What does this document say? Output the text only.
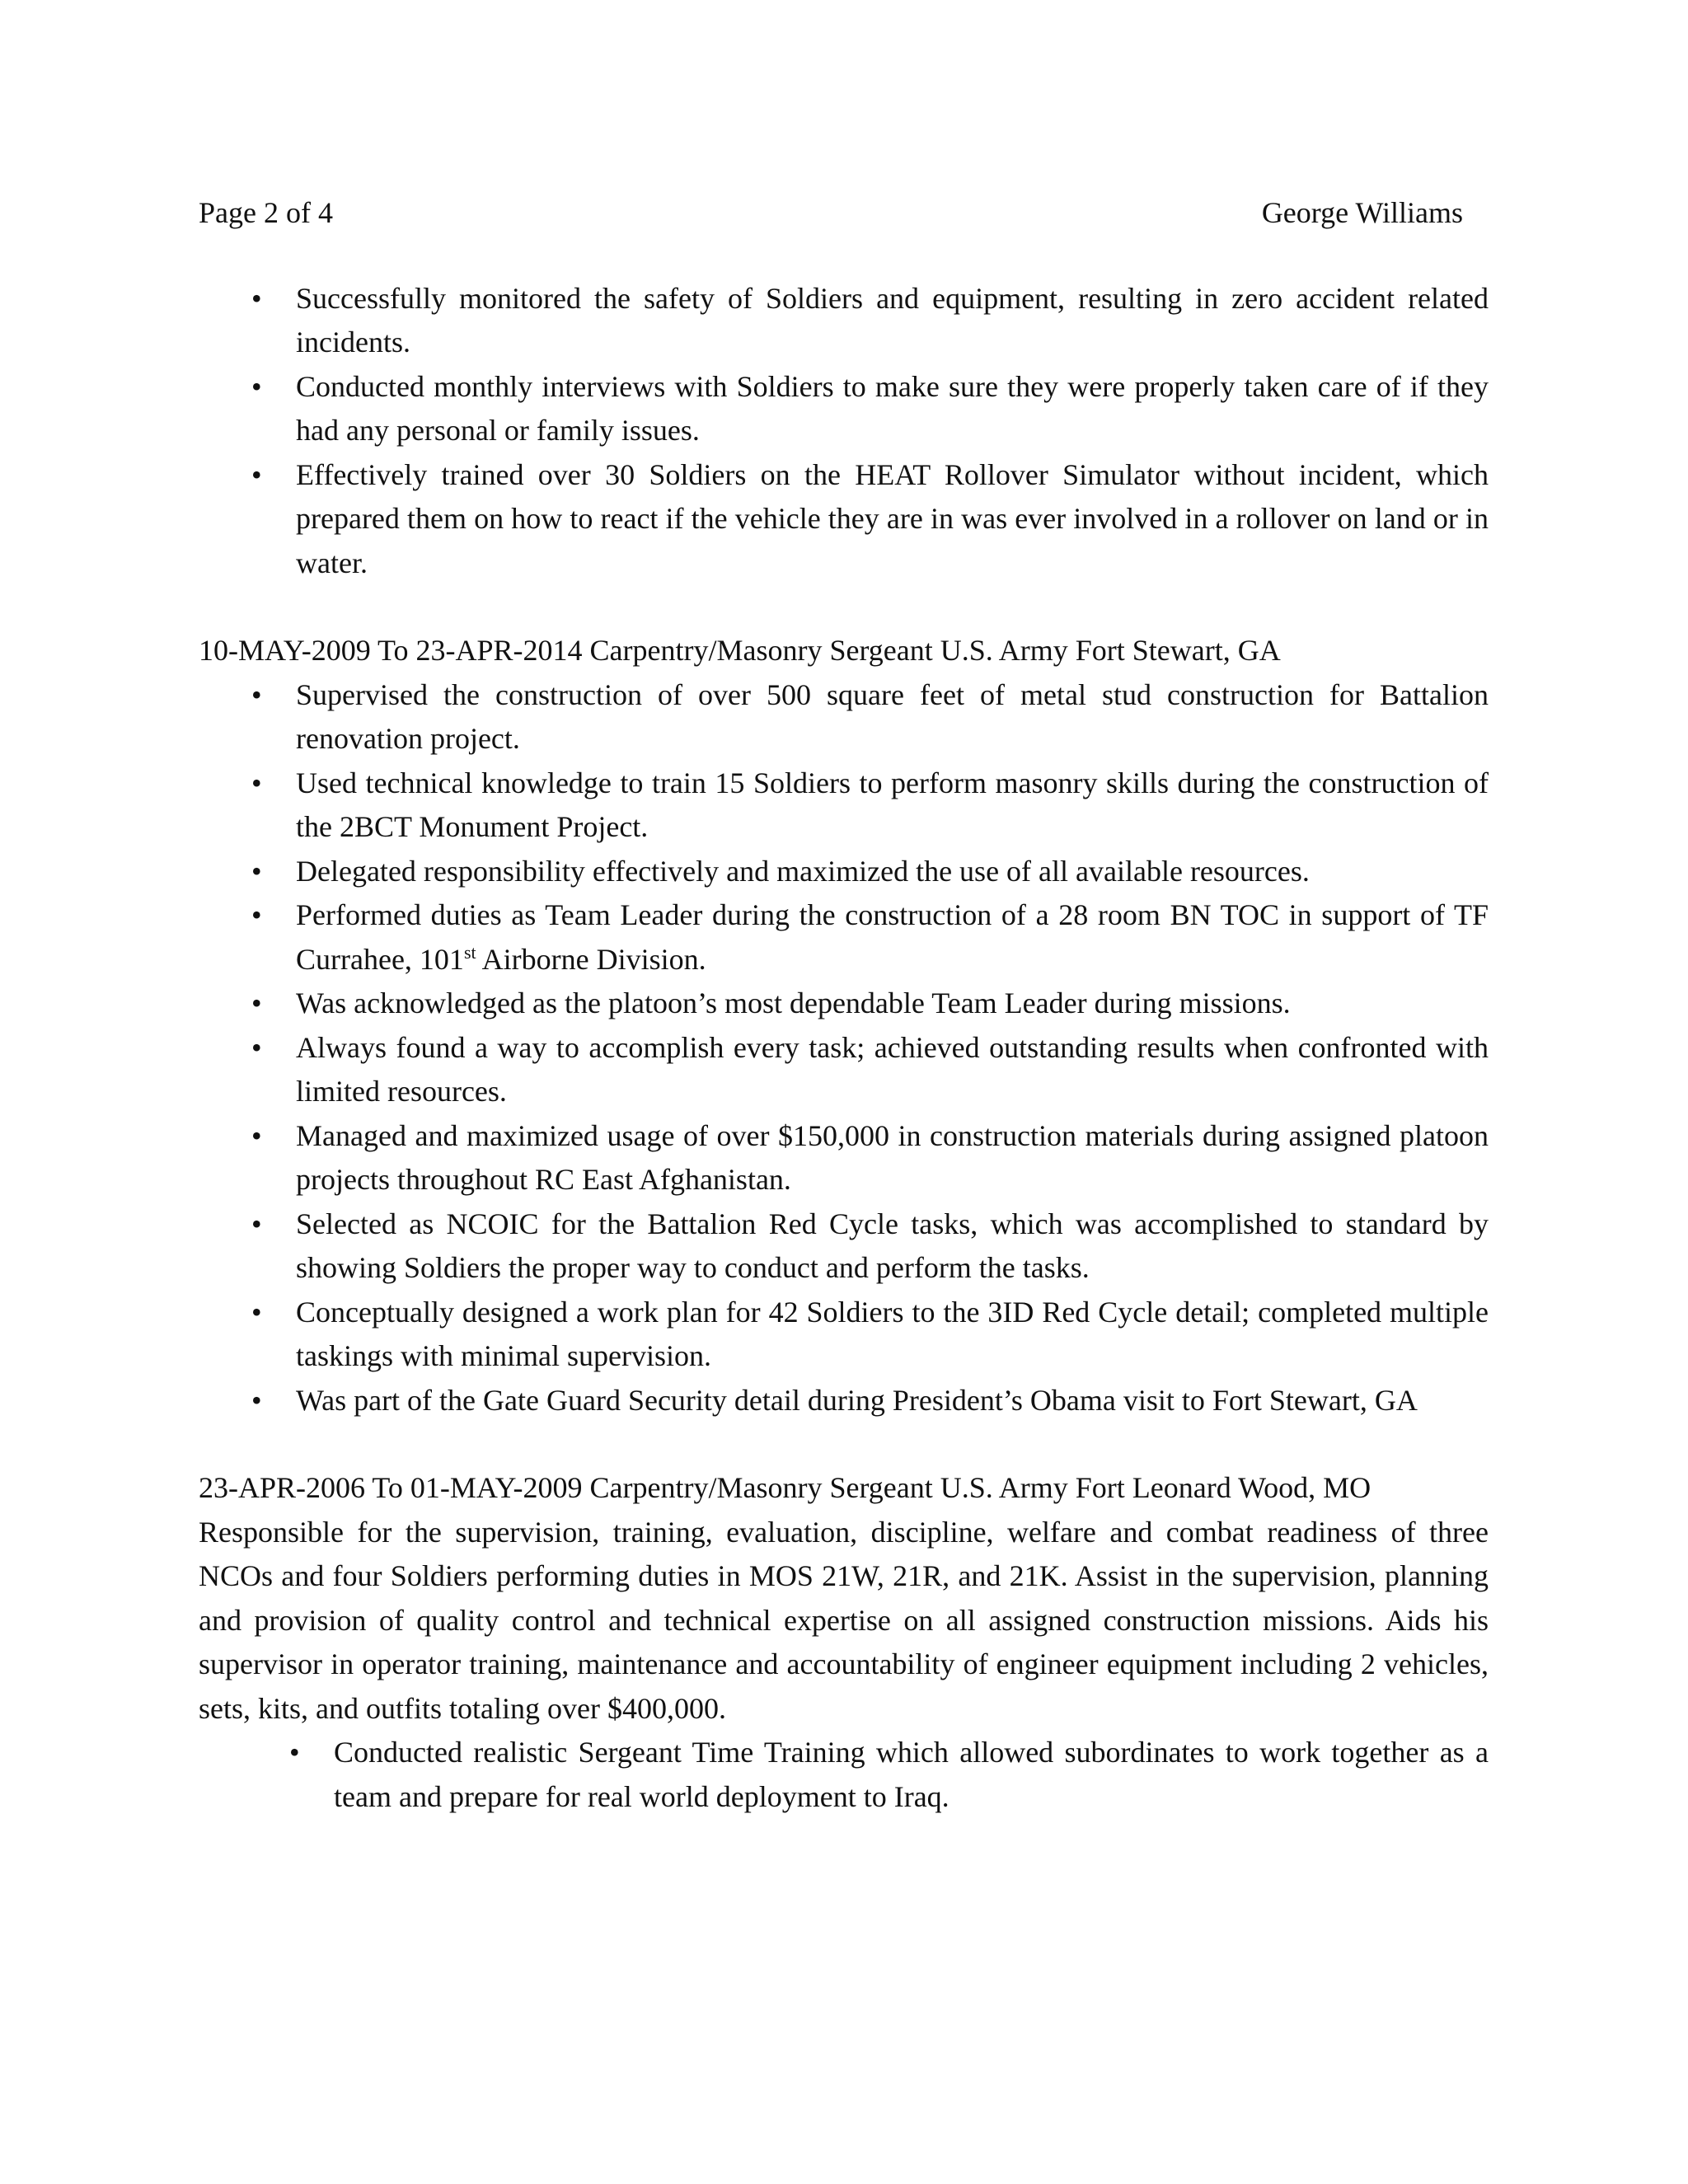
Page 2 of 4	George Williams
• Successfully monitored the safety of Soldiers and equipment, resulting in zero accident related incidents.
• Conducted monthly interviews with Soldiers to make sure they were properly taken care of if they had any personal or family issues.
• Effectively trained over 30 Soldiers on the HEAT Rollover Simulator without incident, which prepared them on how to react if the vehicle they are in was ever involved in a rollover on land or in water.
10-MAY-2009 To 23-APR-2014 Carpentry/Masonry Sergeant U.S. Army Fort Stewart, GA
• Supervised the construction of over 500 square feet of metal stud construction for Battalion renovation project.
• Used technical knowledge to train 15 Soldiers to perform masonry skills during the construction of the 2BCT Monument Project.
• Delegated responsibility effectively and maximized the use of all available resources.
• Performed duties as Team Leader during the construction of a 28 room BN TOC in support of TF Currahee, 101st Airborne Division.
• Was acknowledged as the platoon’s most dependable Team Leader during missions.
• Always found a way to accomplish every task; achieved outstanding results when confronted with limited resources.
• Managed and maximized usage of over $150,000 in construction materials during assigned platoon projects throughout RC East Afghanistan.
• Selected as NCOIC for the Battalion Red Cycle tasks, which was accomplished to standard by showing Soldiers the proper way to conduct and perform the tasks.
• Conceptually designed a work plan for 42 Soldiers to the 3ID Red Cycle detail; completed multiple taskings with minimal supervision.
• Was part of the Gate Guard Security detail during President’s Obama visit to Fort Stewart, GA
23-APR-2006 To 01-MAY-2009 Carpentry/Masonry Sergeant U.S. Army Fort Leonard Wood, MO
Responsible for the supervision, training, evaluation, discipline, welfare and combat readiness of three NCOs and four Soldiers performing duties in MOS 21W, 21R, and 21K. Assist in the supervision, planning and provision of quality control and technical expertise on all assigned construction missions. Aids his supervisor in operator training, maintenance and accountability of engineer equipment including 2 vehicles, sets, kits, and outfits totaling over $400,000.
• Conducted realistic Sergeant Time Training which allowed subordinates to work together as a team and prepare for real world deployment to Iraq.
